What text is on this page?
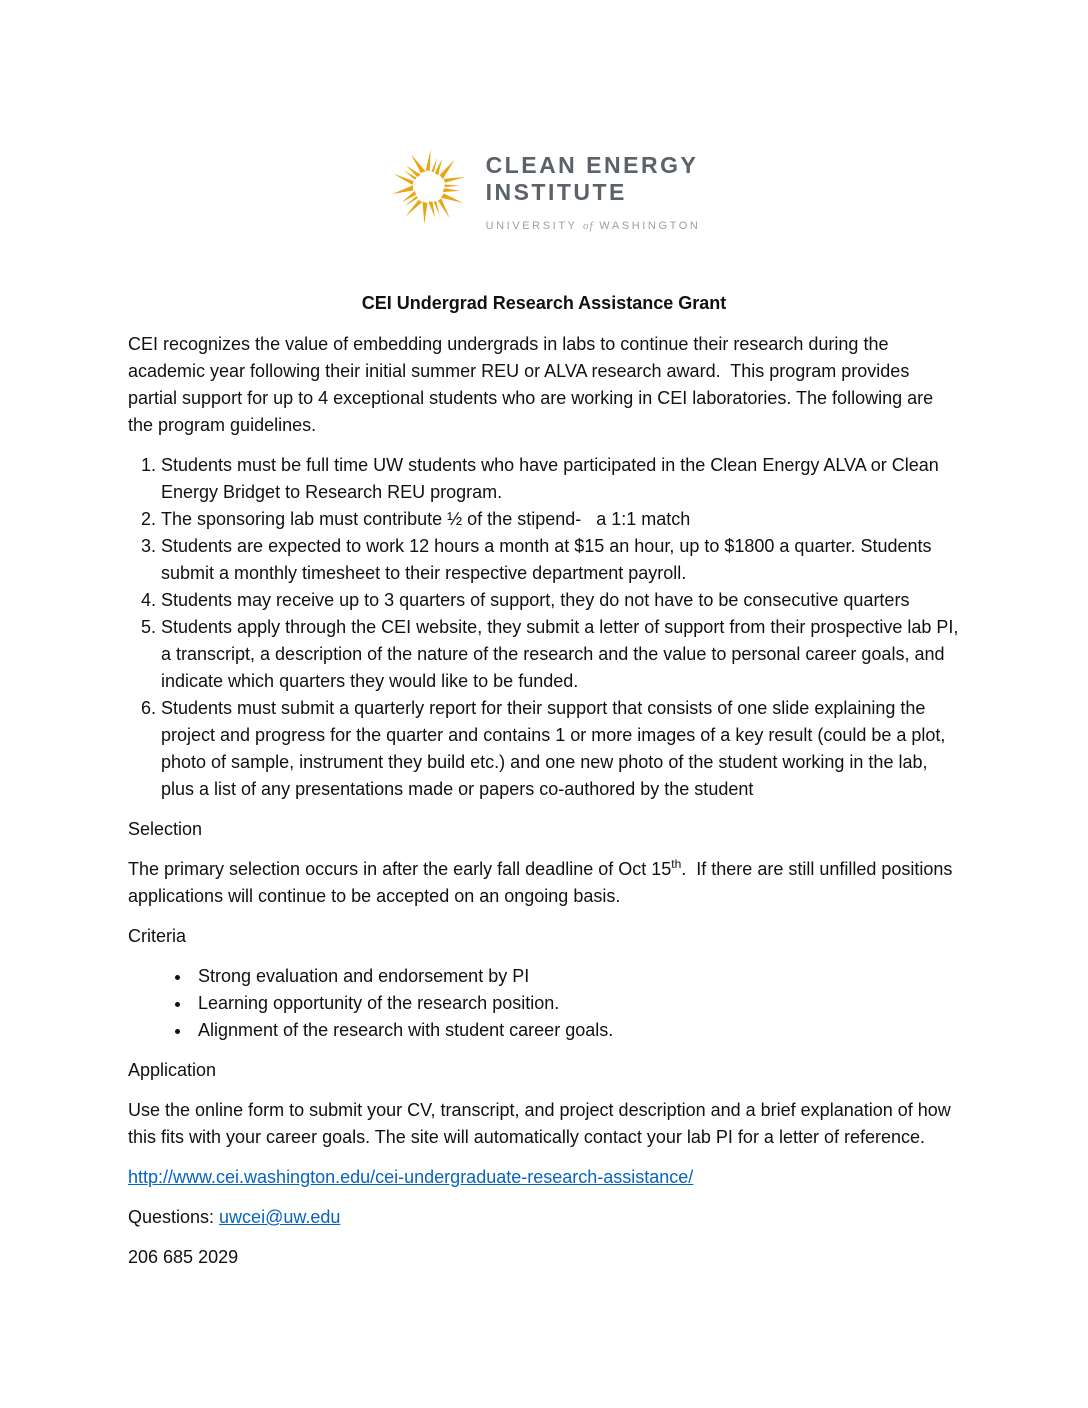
CLEAN ENERGY
INSTITUTE
UNIVERSITY of WASHINGTON
CEI Undergrad Research Assistance Grant

CEI recognizes the value of embedding undergrads in labs to continue their research during the academic year following their initial summer REU or ALVA research award.  This program provides partial support for up to 4 exceptional students who are working in CEI laboratories. The following are the program guidelines.

1. Students must be full time UW students who have participated in the Clean Energy ALVA or Clean Energy Bridget to Research REU program.
2. The sponsoring lab must contribute ½ of the stipend-   a 1:1 match
3. Students are expected to work 12 hours a month at $15 an hour, up to $1800 a quarter. Students submit a monthly timesheet to their respective department payroll.
4. Students may receive up to 3 quarters of support, they do not have to be consecutive quarters
5. Students apply through the CEI website, they submit a letter of support from their prospective lab PI, a transcript, a description of the nature of the research and the value to personal career goals, and indicate which quarters they would like to be funded.
6. Students must submit a quarterly report for their support that consists of one slide explaining the project and progress for the quarter and contains 1 or more images of a key result (could be a plot, photo of sample, instrument they build etc.) and one new photo of the student working in the lab, plus a list of any presentations made or papers co-authored by the student

Selection

The primary selection occurs in after the early fall deadline of Oct 15th.  If there are still unfilled positions applications will continue to be accepted on an ongoing basis.

Criteria

• Strong evaluation and endorsement by PI
• Learning opportunity of the research position.
• Alignment of the research with student career goals.

Application

Use the online form to submit your CV, transcript, and project description and a brief explanation of how this fits with your career goals. The site will automatically contact your lab PI for a letter of reference.

http://www.cei.washington.edu/cei-undergraduate-research-assistance/

Questions: uwcei@uw.edu

206 685 2029
